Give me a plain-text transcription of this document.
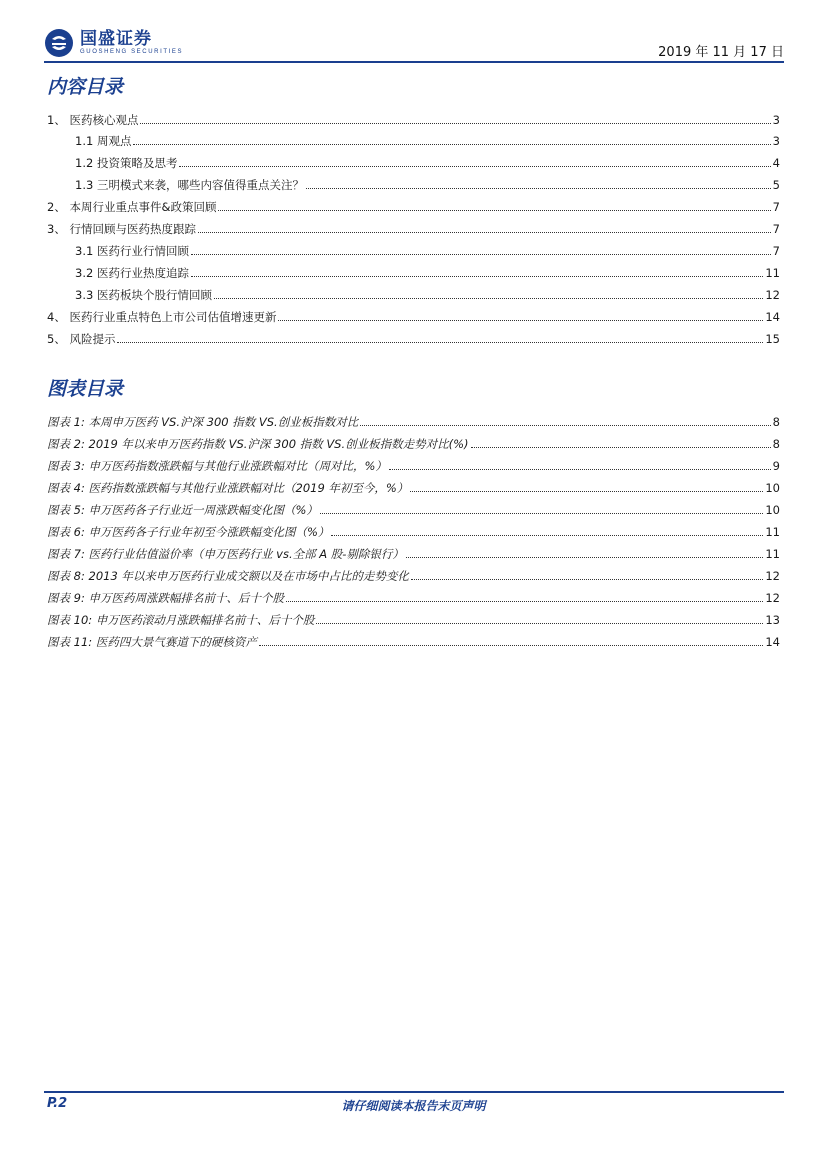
国盛证券
GUOSHENG SECURITIES	2019 年 11 月 17 日
内容目录
1、 医药核心观点	3
1.1 周观点	3
1.2 投资策略及思考	4
1.3 三明模式来袭，哪些内容值得重点关注？	5
2、 本周行业重点事件&政策回顾	7
3、 行情回顾与医药热度跟踪	7
3.1 医药行业行情回顾	7
3.2 医药行业热度追踪	11
3.3 医药板块个股行情回顾	12
4、 医药行业重点特色上市公司估值增速更新	14
5、 风险提示	15
图表目录
图表 1: 本周申万医药 VS.沪深 300 指数 VS.创业板指数对比	8
图表 2: 2019 年以来申万医药指数 VS.沪深 300 指数 VS.创业板指数走势对比(%)	8
图表 3: 申万医药指数涨跌幅与其他行业涨跌幅对比（周对比，%）	9
图表 4: 医药指数涨跌幅与其他行业涨跌幅对比（2019 年初至今，%）	10
图表 5: 申万医药各子行业近一周涨跌幅变化图（%）	10
图表 6: 申万医药各子行业年初至今涨跌幅变化图（%）	11
图表 7: 医药行业估值溢价率（申万医药行业 vs.全部 A 股-剔除银行）	11
图表 8: 2013 年以来申万医药行业成交额以及在市场中占比的走势变化	12
图表 9: 申万医药周涨跌幅排名前十、后十个股	12
图表 10: 申万医药滚动月涨跌幅排名前十、后十个股	13
图表 11: 医药四大景气赛道下的硬核资产	14
P.2	请仔细阅读本报告末页声明
